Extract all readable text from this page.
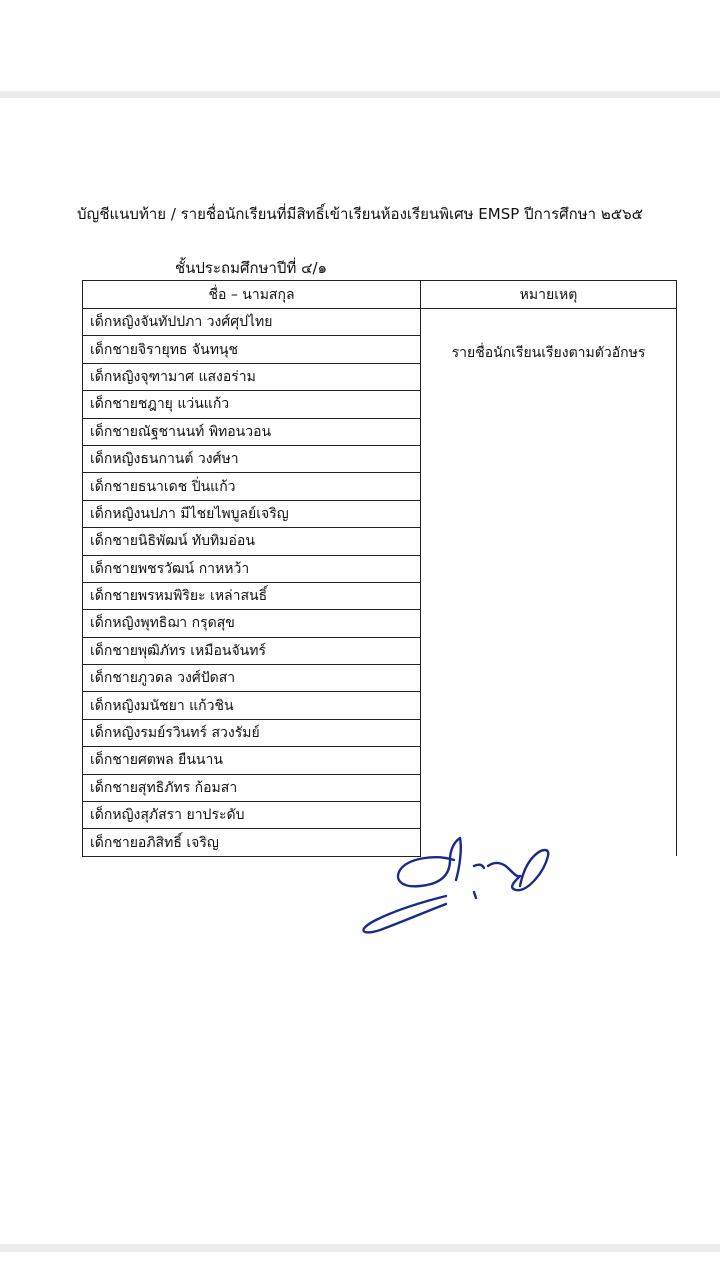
บัญชีแนบท้าย / รายชื่อนักเรียนที่มีสิทธิ์เข้าเรียนห้องเรียนพิเศษ EMSP ปีการศึกษา ๒๕๖๕
ชั้นประถมศึกษาปีที่ ๔/๑
ชื่อ – นามสกุล	หมายเหตุ
เด็กหญิงจันทัปปภา วงศ์ศุปไทย	รายชื่อนักเรียนเรียงตามตัวอักษร
เด็กชายจิรายุทธ จันทนุช	
เด็กหญิงจุฑามาศ แสงอร่าม	
เด็กชายชฎายุ แว่นแก้ว	
เด็กชายณัฐชานนท์ พิทอนวอน	
เด็กหญิงธนกานต์ วงศ์ษา	
เด็กชายธนาเดช ปิ่นแก้ว	
เด็กหญิงนปภา มีไชยไพบูลย์เจริญ	
เด็กชายนิธิพัฒน์ ทับทิมอ่อน	
เด็กชายพชรวัฒน์ กาหหว้า	
เด็กชายพรหมพิริยะ เหล่าสนธิ์	
เด็กหญิงพุทธิฌา กรุดสุข	
เด็กชายพุฒิภัทร เหมือนจันทร์	
เด็กชายภูวดล วงศ์ปัดสา	
เด็กหญิงมนัชยา แก้วชิน	
เด็กหญิงรมย์รวินทร์ สวงรัมย์	
เด็กชายศตพล ยืนนาน	
เด็กชายสุทธิภัทร ก้อมสา	
เด็กหญิงสุภัสรา ยาประดับ	
เด็กชายอภิสิทธิ์ เจริญ	
